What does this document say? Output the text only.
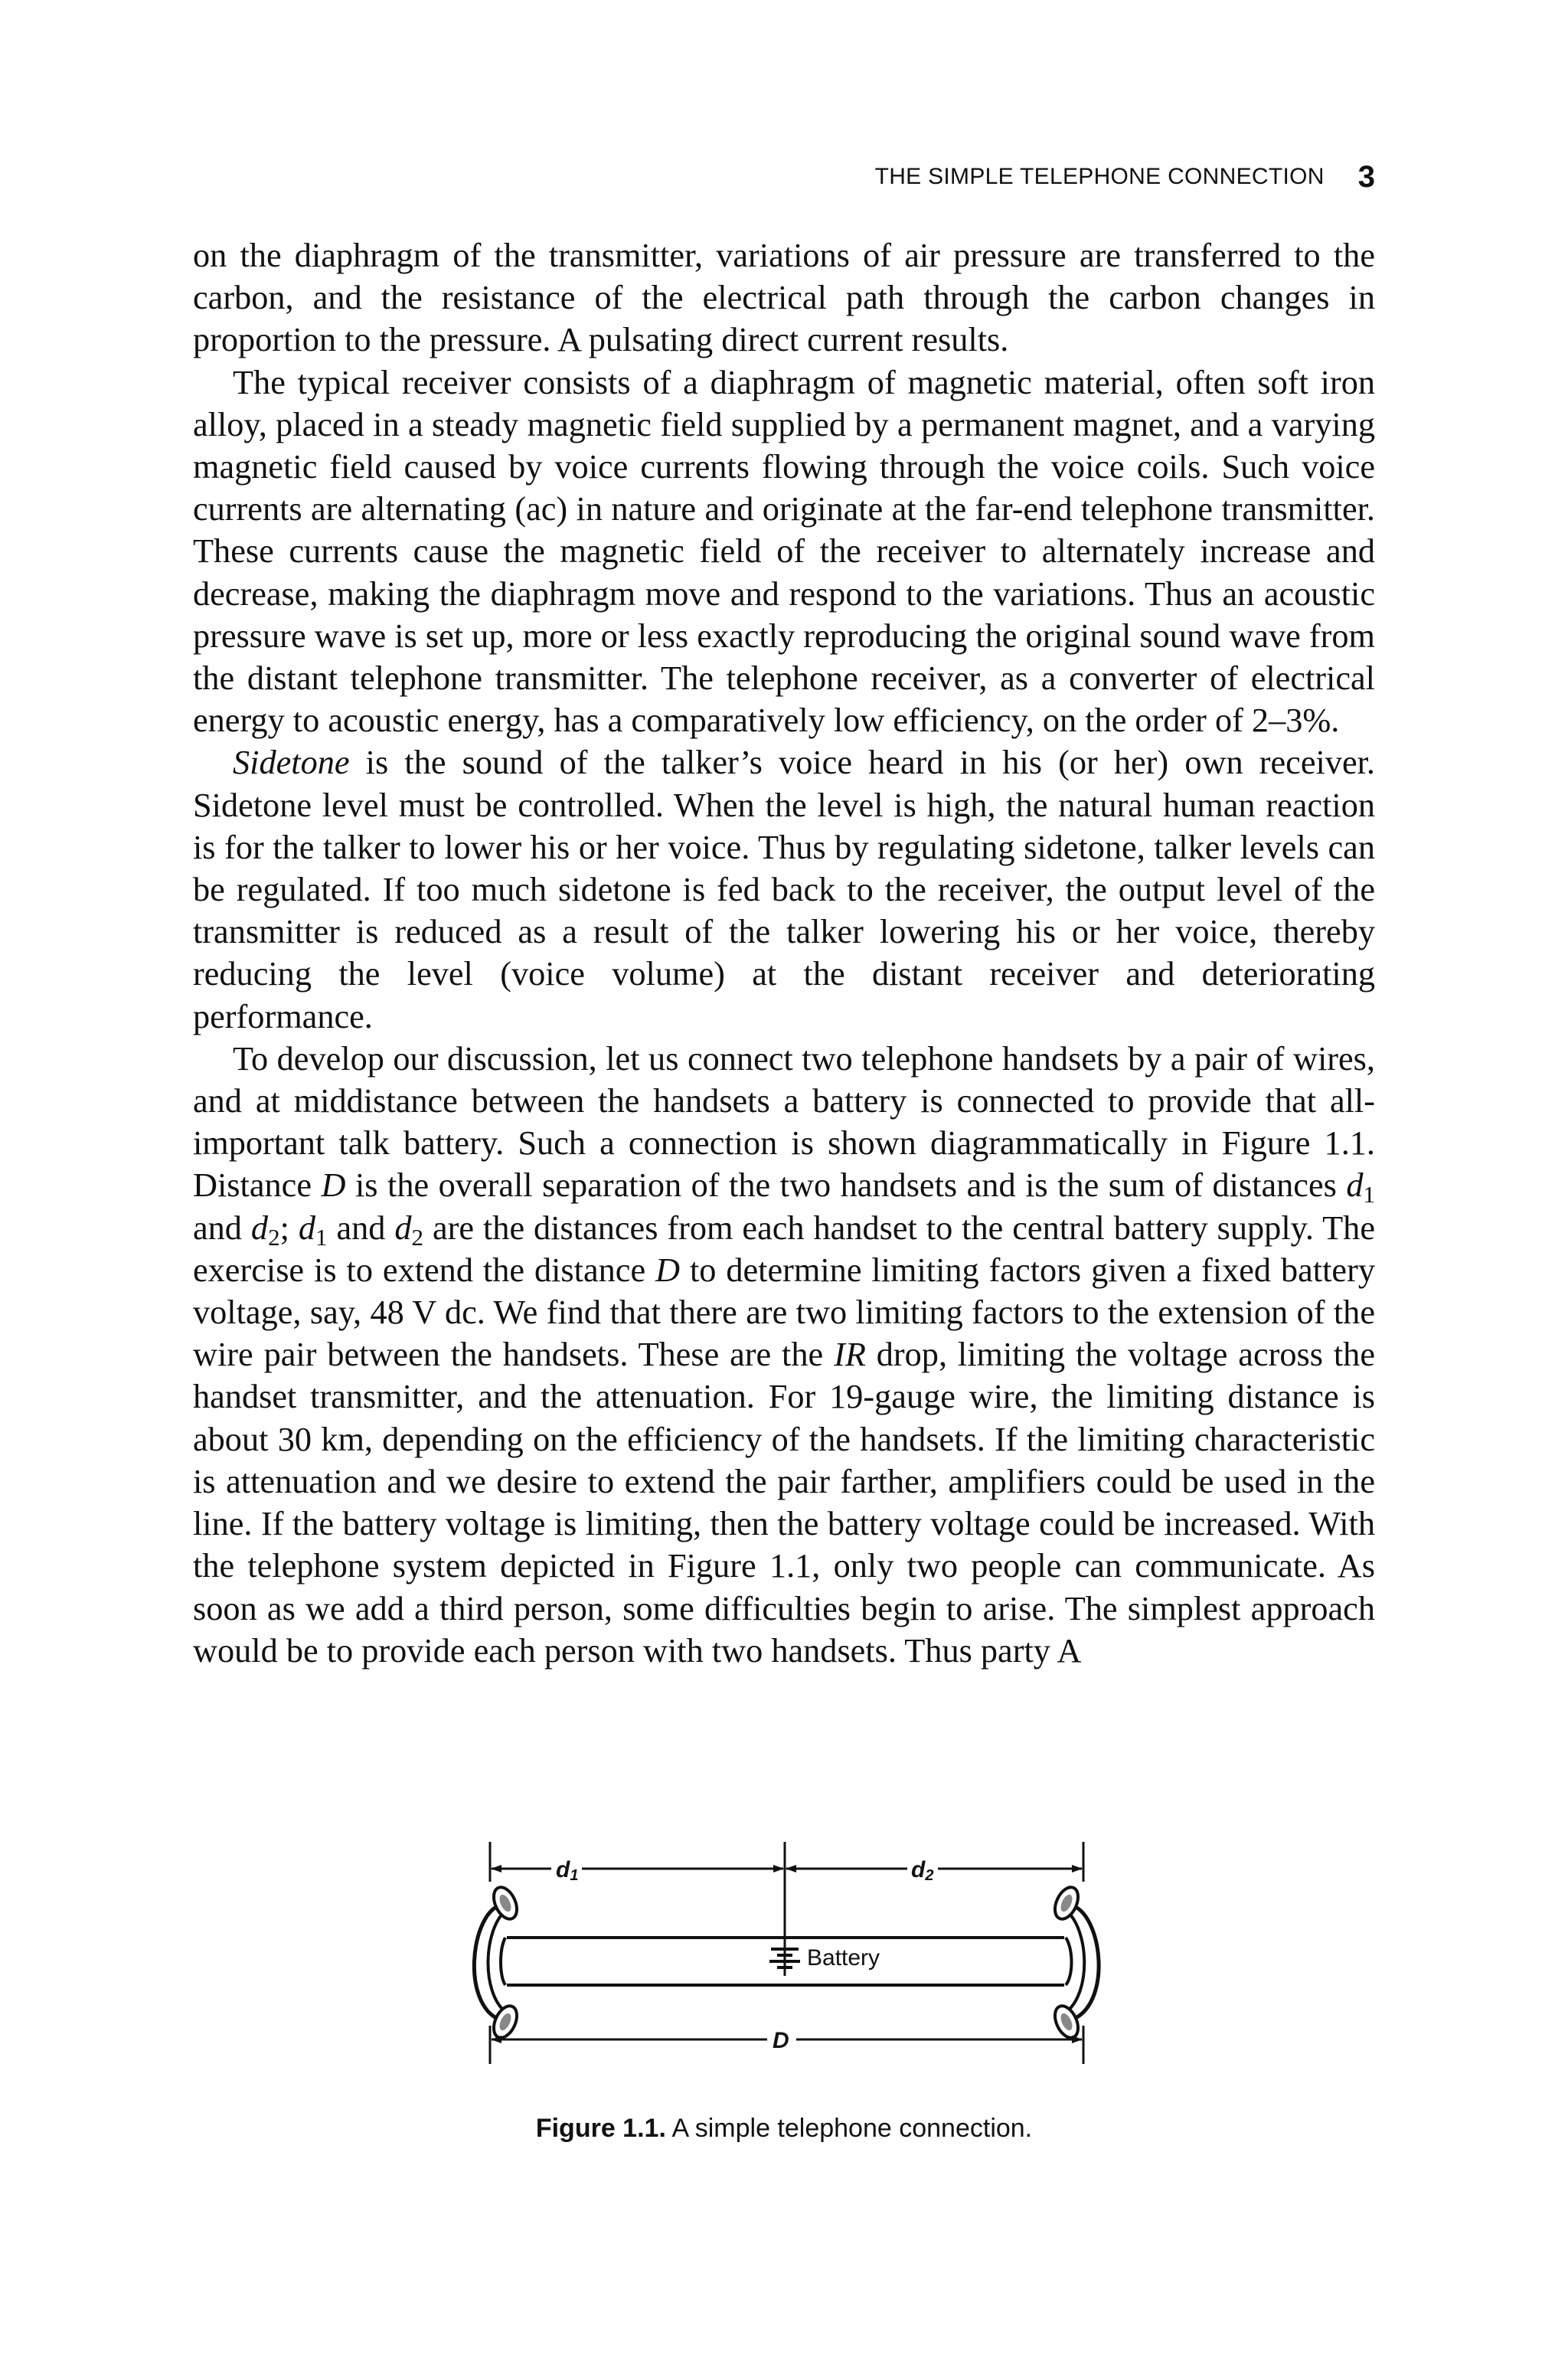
THE SIMPLE TELEPHONE CONNECTION 3

on the diaphragm of the transmitter, variations of air pressure are transferred to the carbon, and the resistance of the electrical path through the carbon changes in proportion to the pressure. A pulsating direct current results.

The typical receiver consists of a diaphragm of magnetic material, often soft iron alloy, placed in a steady magnetic field supplied by a permanent magnet, and a varying magnetic field caused by voice currents flowing through the voice coils. Such voice currents are alternating (ac) in nature and originate at the far-end telephone transmitter. These currents cause the magnetic field of the receiver to alternately increase and decrease, making the diaphragm move and respond to the variations. Thus an acoustic pressure wave is set up, more or less exactly reproducing the original sound wave from the distant telephone transmitter. The telephone receiver, as a converter of electrical energy to acoustic energy, has a comparatively low efficiency, on the order of 2–3%.

Sidetone is the sound of the talker’s voice heard in his (or her) own receiver. Sidetone level must be controlled. When the level is high, the natural human reaction is for the talker to lower his or her voice. Thus by regulating sidetone, talker levels can be regulated. If too much sidetone is fed back to the receiver, the output level of the transmitter is reduced as a result of the talker lowering his or her voice, thereby reducing the level (voice volume) at the distant receiver and deteriorating performance.

To develop our discussion, let us connect two telephone handsets by a pair of wires, and at middistance between the handsets a battery is connected to provide that all-important talk battery. Such a connection is shown diagrammatically in Figure 1.1. Distance D is the overall separation of the two handsets and is the sum of distances $d_1$ and $d_2$; $d_1$ and $d_2$ are the distances from each handset to the central battery supply. The exercise is to extend the distance D to determine limiting factors given a fixed battery voltage, say, 48 V dc. We find that there are two limiting factors to the extension of the wire pair between the handsets. These are the IR drop, limiting the voltage across the handset transmitter, and the attenuation. For 19-gauge wire, the limiting distance is about 30 km, depending on the efficiency of the handsets. If the limiting characteristic is attenuation and we desire to extend the pair farther, amplifiers could be used in the line. If the battery voltage is limiting, then the battery voltage could be increased. With the telephone system depicted in Figure 1.1, only two people can communicate. As soon as we add a third person, some difficulties begin to arise. The simplest approach would be to provide each person with two handsets. Thus party A

d1	d2
Battery
D
Figure 1.1. A simple telephone connection.
